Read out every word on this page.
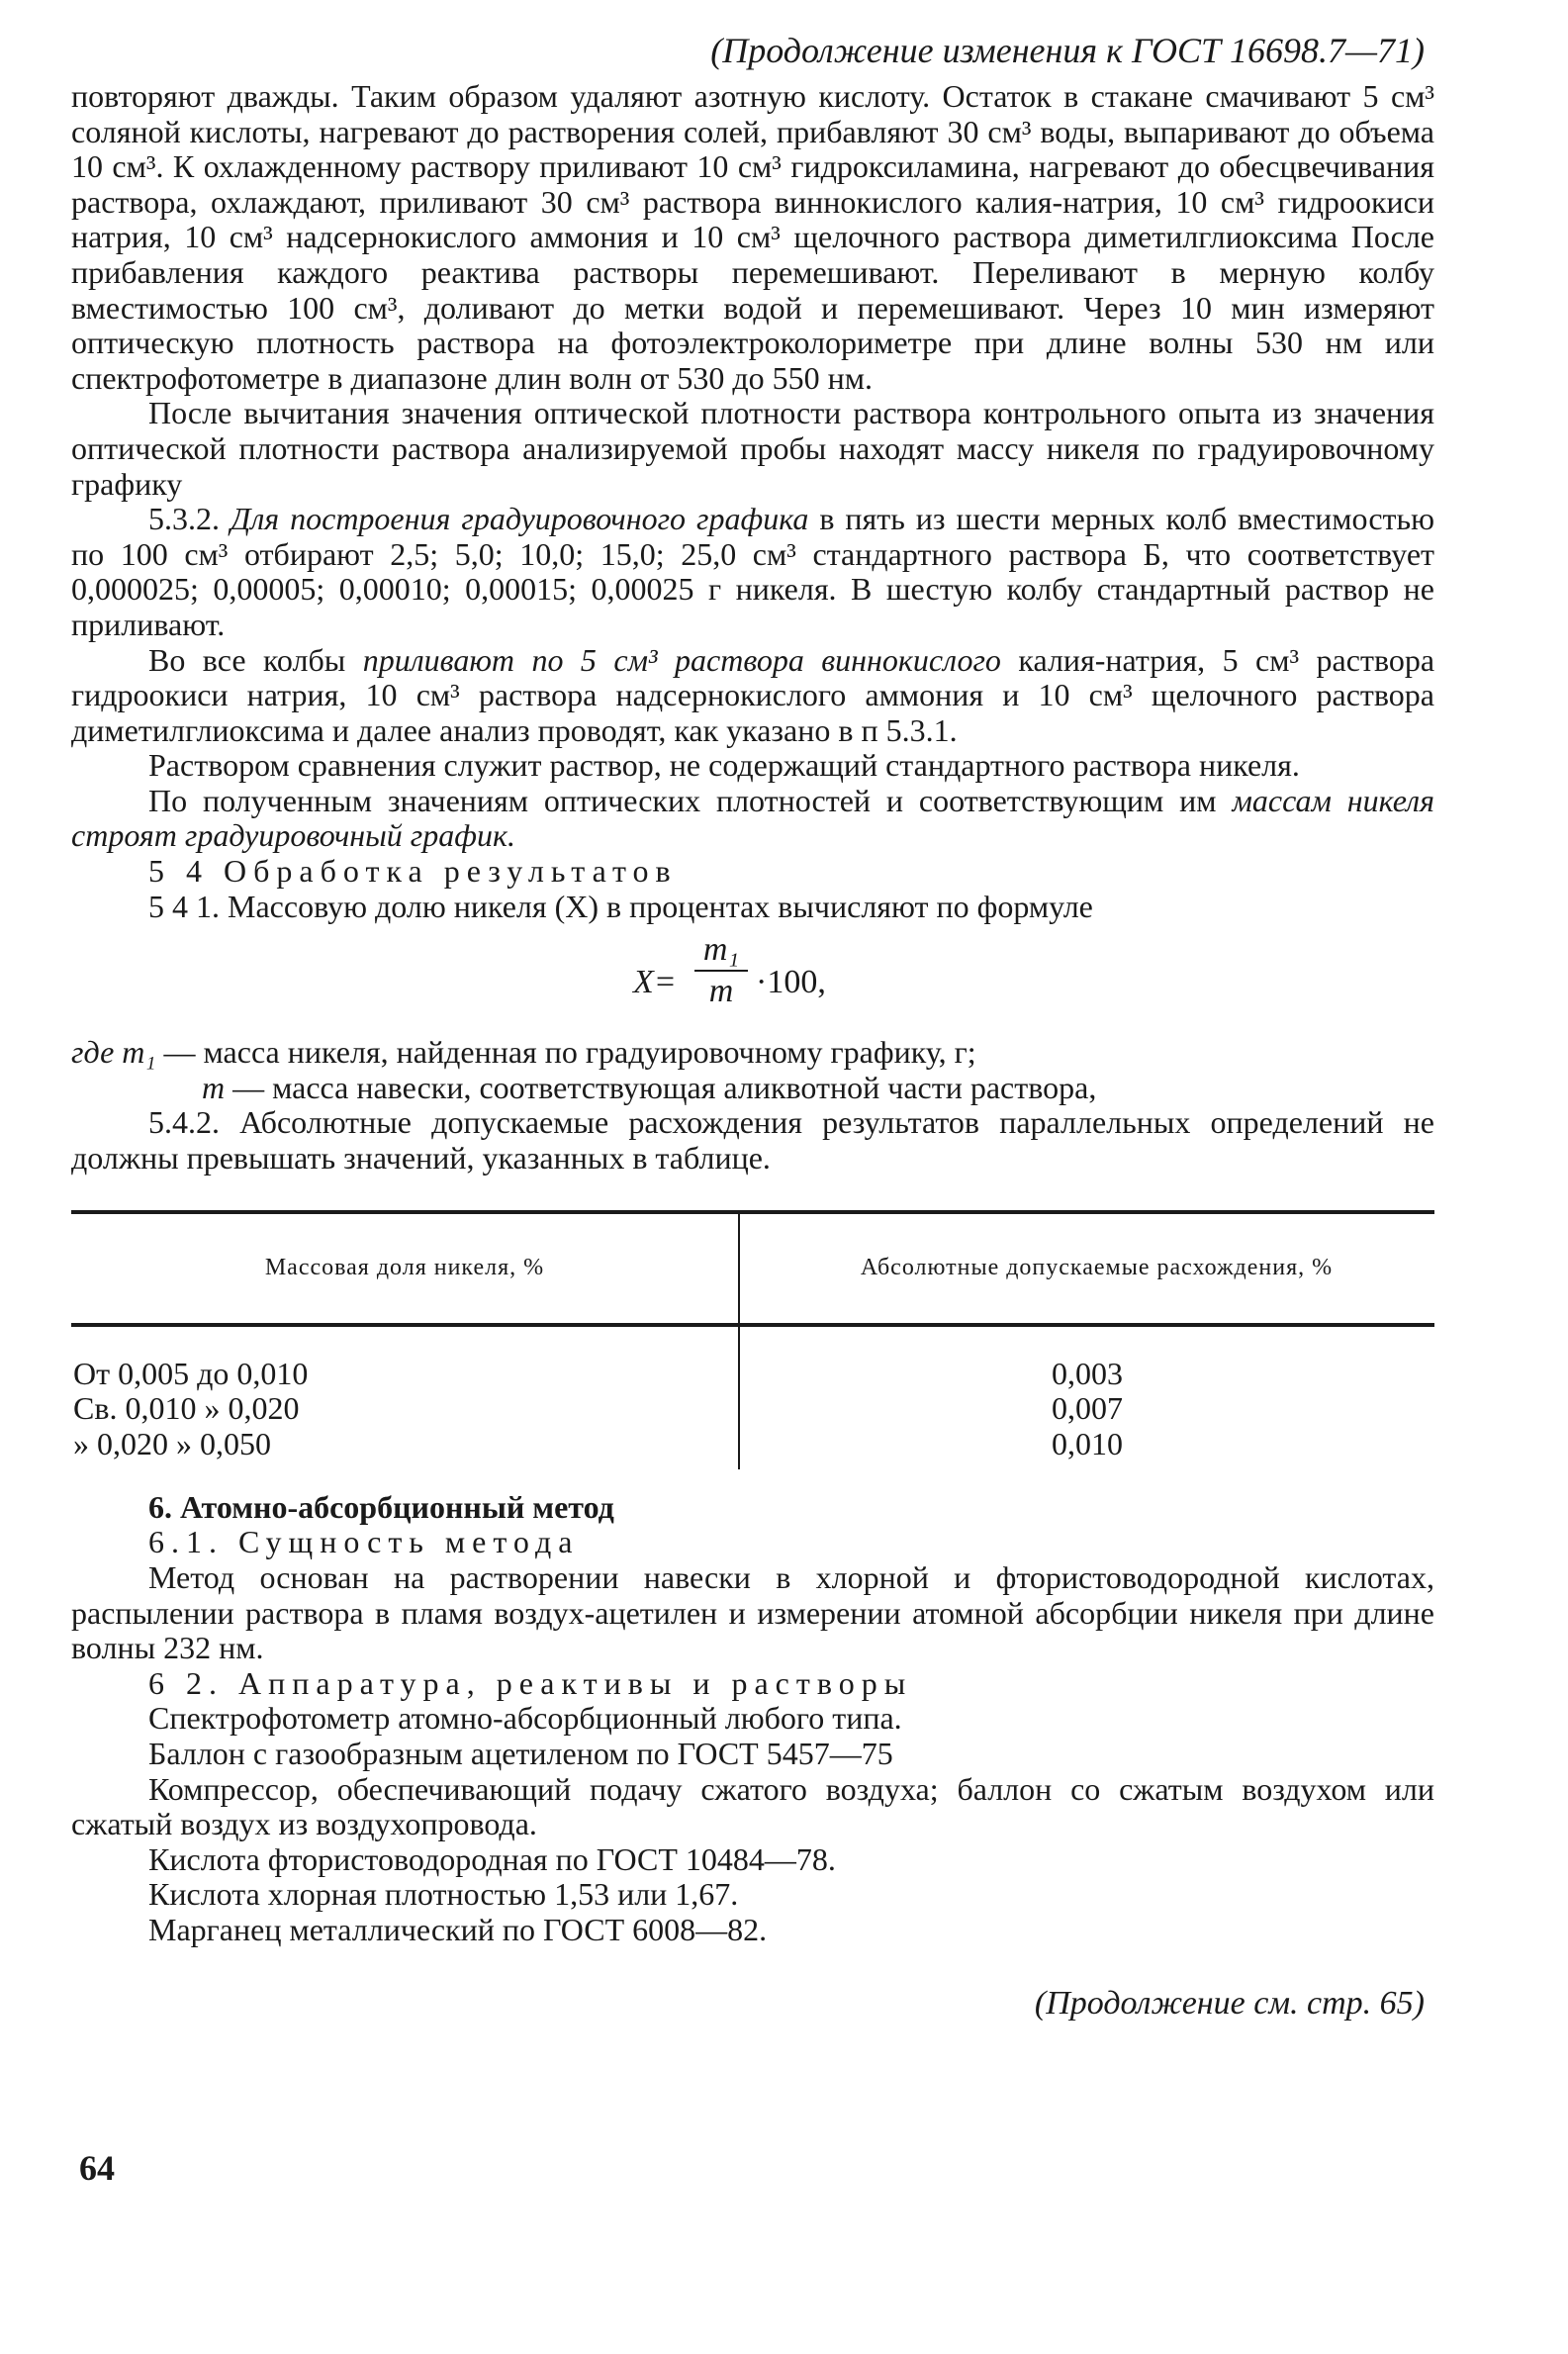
(Продолжение изменения к ГОСТ 16698.7—71)

повторяют дважды. Таким образом удаляют азотную кислоту. Остаток в стакане смачивают 5 см³ соляной кислоты, нагревают до растворения солей, прибавляют 30 см³ воды, выпаривают до объема 10 см³. К охлажденному раствору приливают 10 см³ гидроксиламина, нагревают до обесцвечивания раствора, охлаждают, приливают 30 см³ раствора виннокислого калия-натрия, 10 см³ гидроокиси натрия, 10 см³ надсернокислого аммония и 10 см³ щелочного раствора диметилглиоксима После прибавления каждого реактива растворы перемешивают. Переливают в мерную колбу вместимостью 100 см³, доливают до метки водой и перемешивают. Через 10 мин измеряют оптическую плотность раствора на фотоэлектроколориметре при длине волны 530 нм или спектрофотометре в диапазоне длин волн от 530 до 550 нм.

После вычитания значения оптической плотности раствора контрольного опыта из значения оптической плотности раствора анализируемой пробы находят массу никеля по градуировочному графику

5.3.2. Для построения градуировочного графика в пять из шести мерных колб вместимостью по 100 см³ отбирают 2,5; 5,0; 10,0; 15,0; 25,0 см³ стандартного раствора Б, что соответствует 0,000025; 0,00005; 0,00010; 0,00015; 0,00025 г никеля. В шестую колбу стандартный раствор не приливают.

Во все колбы приливают по 5 см³ раствора виннокислого калия-натрия, 5 см³ раствора гидроокиси натрия, 10 см³ раствора надсернокислого аммония и 10 см³ щелочного раствора диметилглиоксима и далее анализ проводят, как указано в п 5.3.1.

Раствором сравнения служит раствор, не содержащий стандартного раствора никеля.

По полученным значениям оптических плотностей и соответствующим им массам никеля строят градуировочный график.

5 4 Обработка результатов

5 4 1. Массовую долю никеля (X) в процентах вычисляют по формуле

$X= \frac{\text{m₁}}{m} \cdot 100$,

где m₁ — масса никеля, найденная по градуировочному графику, г;

m — масса навески, соответствующая аликвотной части раствора,

5.4.2. Абсолютные допускаемые расхождения результатов параллельных определений не должны превышать значений, указанных в таблице.

Массовая доля никеля, %	Абсолютные допускаемые расхождения, %
От 0,005 до 0,010	0,003
Св. 0,010 » 0,020	0,007
» 0,020 » 0,050	0,010
6. Атомно-абсорбционный метод

6.1. Сущность метода

Метод основан на растворении навески в хлорной и фтористоводородной кислотах, распылении раствора в пламя воздух-ацетилен и измерении атомной абсорбции никеля при длине волны 232 нм.

6 2. Аппаратура, реактивы и растворы

Спектрофотометр атомно-абсорбционный любого типа.

Баллон с газообразным ацетиленом по ГОСТ 5457—75

Компрессор, обеспечивающий подачу сжатого воздуха; баллон со сжатым воздухом или сжатый воздух из воздухопровода.

Кислота фтористоводородная по ГОСТ 10484—78.

Кислота хлорная плотностью 1,53 или 1,67.

Марганец металлический по ГОСТ 6008—82.

(Продолжение см. стр. 65)
64
